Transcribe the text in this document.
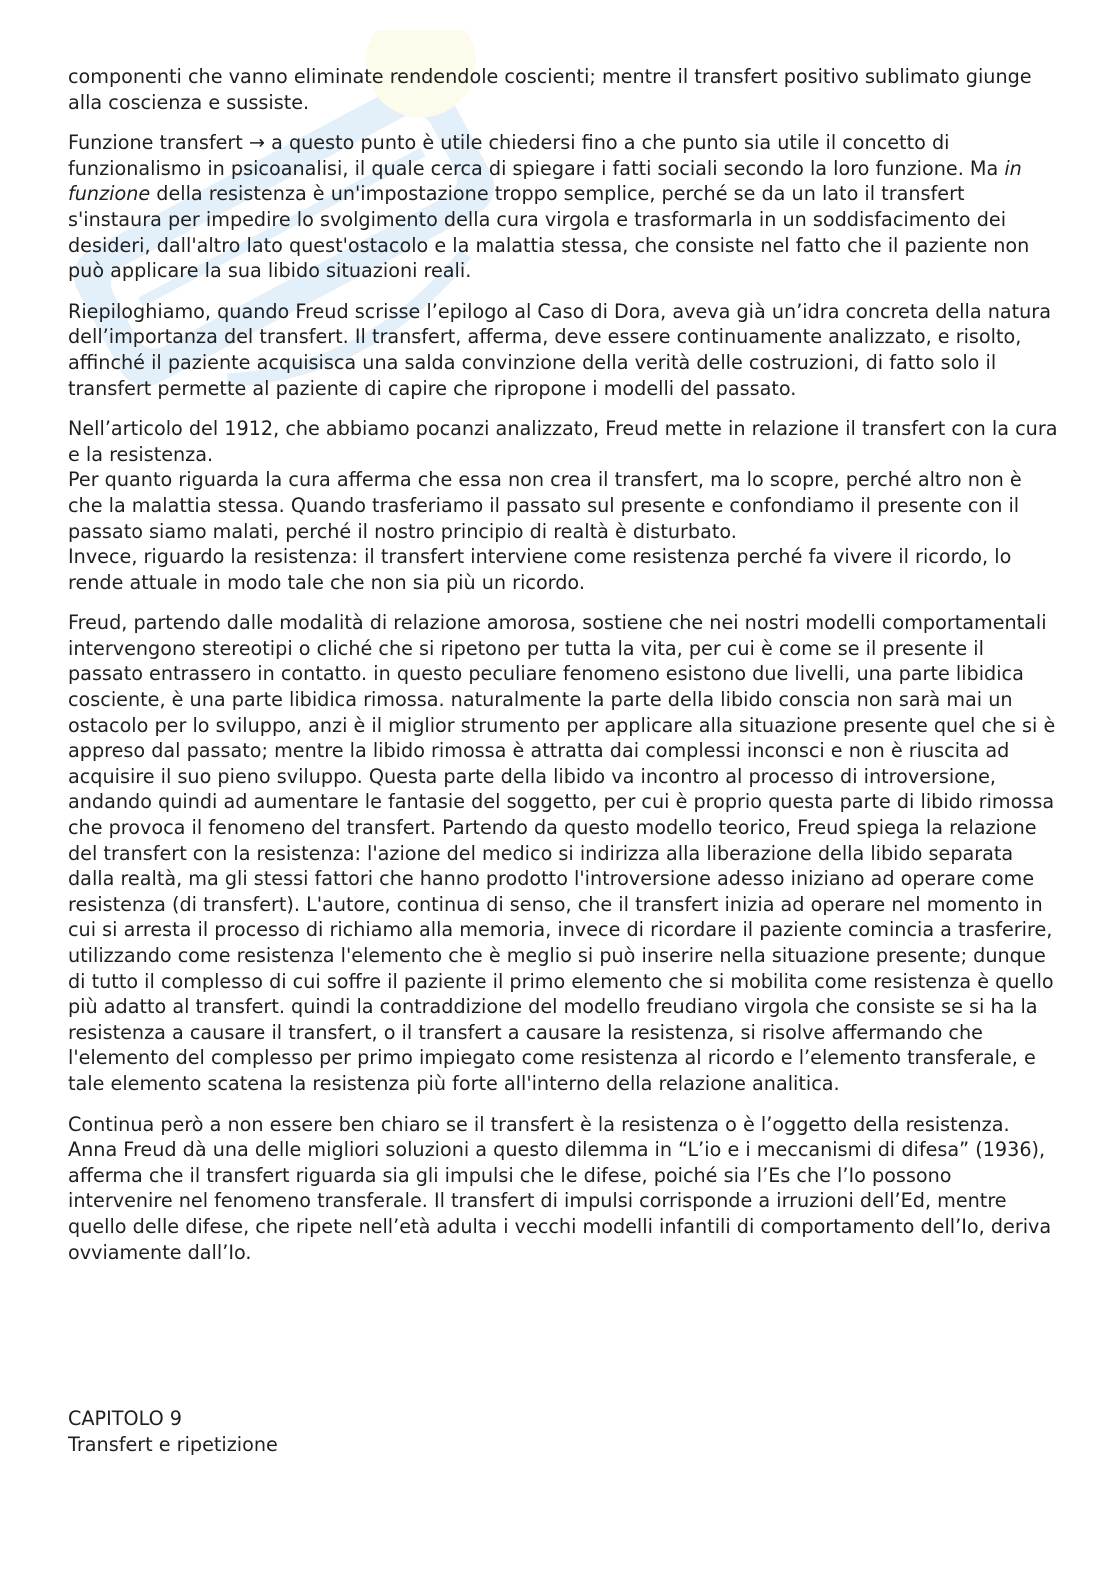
componenti che vanno eliminate rendendole coscienti; mentre il transfert positivo sublimato giunge alla coscienza e sussiste.

Funzione transfert → a questo punto è utile chiedersi fino a che punto sia utile il concetto di funzionalismo in psicoanalisi, il quale cerca di spiegare i fatti sociali secondo la loro funzione. Ma in funzione della resistenza è un'impostazione troppo semplice, perché se da un lato il transfert s'instaura per impedire lo svolgimento della cura virgola e trasformarla in un soddisfacimento dei desideri, dall'altro lato quest'ostacolo e la malattia stessa, che consiste nel fatto che il paziente non può applicare la sua libido situazioni reali.

Riepiloghiamo, quando Freud scrisse l’epilogo al Caso di Dora, aveva già un’idra concreta della natura dell’importanza del transfert. Il transfert, afferma, deve essere continuamente analizzato, e risolto, affinché il paziente acquisisca una salda convinzione della verità delle costruzioni, di fatto solo il transfert permette al paziente di capire che ripropone i modelli del passato.

Nell’articolo del 1912, che abbiamo pocanzi analizzato, Freud mette in relazione il transfert con la cura e la resistenza.
Per quanto riguarda la cura afferma che essa non crea il transfert, ma lo scopre, perché altro non è che la malattia stessa. Quando trasferiamo il passato sul presente e confondiamo il presente con il passato siamo malati, perché il nostro principio di realtà è disturbato.
Invece, riguardo la resistenza: il transfert interviene come resistenza perché fa vivere il ricordo, lo rende attuale in modo tale che non sia più un ricordo.

Freud, partendo dalle modalità di relazione amorosa, sostiene che nei nostri modelli comportamentali intervengono stereotipi o cliché che si ripetono per tutta la vita, per cui è come se il presente il passato entrassero in contatto. in questo peculiare fenomeno esistono due livelli, una parte libidica cosciente, è una parte libidica rimossa. naturalmente la parte della libido conscia non sarà mai un ostacolo per lo sviluppo, anzi è il miglior strumento per applicare alla situazione presente quel che si è appreso dal passato; mentre la libido rimossa è attratta dai complessi inconsci e non è riuscita ad acquisire il suo pieno sviluppo. Questa parte della libido va incontro al processo di introversione, andando quindi ad aumentare le fantasie del soggetto, per cui è proprio questa parte di libido rimossa che provoca il fenomeno del transfert. Partendo da questo modello teorico, Freud spiega la relazione del transfert con la resistenza: l'azione del medico si indirizza alla liberazione della libido separata dalla realtà, ma gli stessi fattori che hanno prodotto l'introversione adesso iniziano ad operare come resistenza (di transfert). L'autore, continua di senso, che il transfert inizia ad operare nel momento in cui si arresta il processo di richiamo alla memoria, invece di ricordare il paziente comincia a trasferire, utilizzando come resistenza l'elemento che è meglio si può inserire nella situazione presente; dunque di tutto il complesso di cui soffre il paziente il primo elemento che si mobilita come resistenza è quello più adatto al transfert. quindi la contraddizione del modello freudiano virgola che consiste se si ha la resistenza a causare il transfert, o il transfert a causare la resistenza, si risolve affermando che l'elemento del complesso per primo impiegato come resistenza al ricordo e l’elemento transferale, e tale elemento scatena la resistenza più forte all'interno della relazione analitica.

Continua però a non essere ben chiaro se il transfert è la resistenza o è l’oggetto della resistenza. Anna Freud dà una delle migliori soluzioni a questo dilemma in “L’io e i meccanismi di difesa” (1936), afferma che il transfert riguarda sia gli impulsi che le difese, poiché sia l’Es che l’Io possono intervenire nel fenomeno transferale. Il transfert di impulsi corrisponde a irruzioni dell’Ed, mentre quello delle difese, che ripete nell’età adulta i vecchi modelli infantili di comportamento dell’Io, deriva ovviamente dall’Io.

CAPITOLO 9
Transfert e ripetizione
